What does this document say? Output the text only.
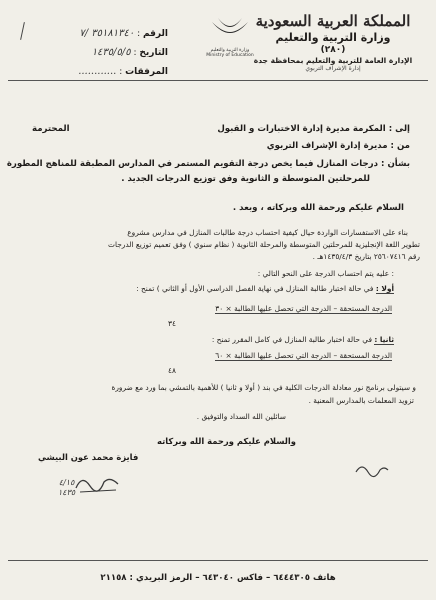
المملكة العربية السعودية
وزارة التربية والتعليم
(٢٨٠)
الإدارة العامة للتربية والتعليم بمحافظة جدة
إدارة الإشراف التربوي
وزارة التربية والتعليم
Ministry of Education
الرقم : ٣٥١٨١٣٤٠ /٧
التاريخ : ١٤٣٥/٥/٥
المرفقات : ............
إلى : المكرمة مديرة إدارة الاختبارات و القبول
المحترمة
من : مديرة إدارة الإشراف التربوي
بشأن : درجات المنازل فيما يخص درجة التقويم المستمر في المدارس المطبقة للمناهج المطورة
للمرحلتين المتوسطة و الثانوية وفق توزيع الدرجات الجديد .
السلام عليكم ورحمة الله وبركاته ، وبعد .
بناء على الاستفسارات الواردة حيال كيفية احتساب درجة طالبات المنازل في مدارس مشروع
تطوير اللغة الإنجليزية للمرحلتين المتوسطة والمرحلة الثانوية ( نظام سنوي ) وفق تعميم توزيع الدرجات
رقم ٢٥٦٠٧٤١٦ بتاريخ ١٤٣٥/٤/٣هـ .
: عليه يتم احتساب الدرجة على النحو التالي :
أولا : في حالة اختبار طالبة المنازل في نهاية الفصل الدراسي الأول أو الثاني ) تمنح :
الدرجة المستحقة – الدرجة التي تحصل عليها الطالبة × ٣٠
٣٤
ثانيا : في حالة اختبار طالبة المنازل في كامل المقرر تمنح :
الدرجة المستحقة – الدرجة التي تحصل عليها الطالبة × ٦٠
٤٨
و سيتولى برنامج نور معادلة الدرجات الكلية في بند ( أولا و ثانيا ) للأهمية بالتمشي بما ورد مع ضرورة
تزويد المعلمات بالمدارس المعنية .
سائلين الله السداد والتوفيق .
والسلام عليكم ورحمة الله وبركاته
فايزة محمد عون البيشي
٤/١٥
١٤٣٥
هاتف ٦٤٤٤٣٠٥ – فاكس ٦٤٣٠٤٠ – الرمز البريدي : ٢١١٥٨
